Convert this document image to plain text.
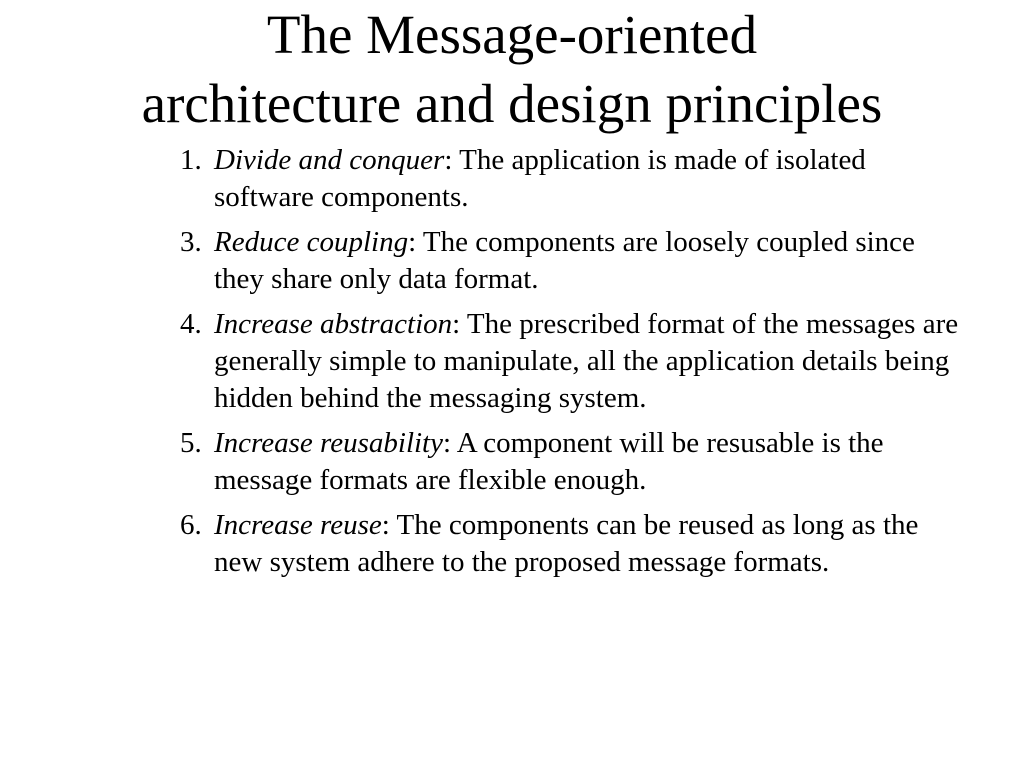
The Message-oriented
architecture and design principles
1. Divide and conquer: The application is made of isolated software components.
3. Reduce coupling: The components are loosely coupled since they share only data format.
4. Increase abstraction: The prescribed format of the messages are generally simple to manipulate, all the application details being hidden behind the messaging system.
5. Increase reusability: A component will be resusable is the message formats are flexible enough.
6. Increase reuse: The components can be reused as long as the new system adhere to the proposed message formats.
